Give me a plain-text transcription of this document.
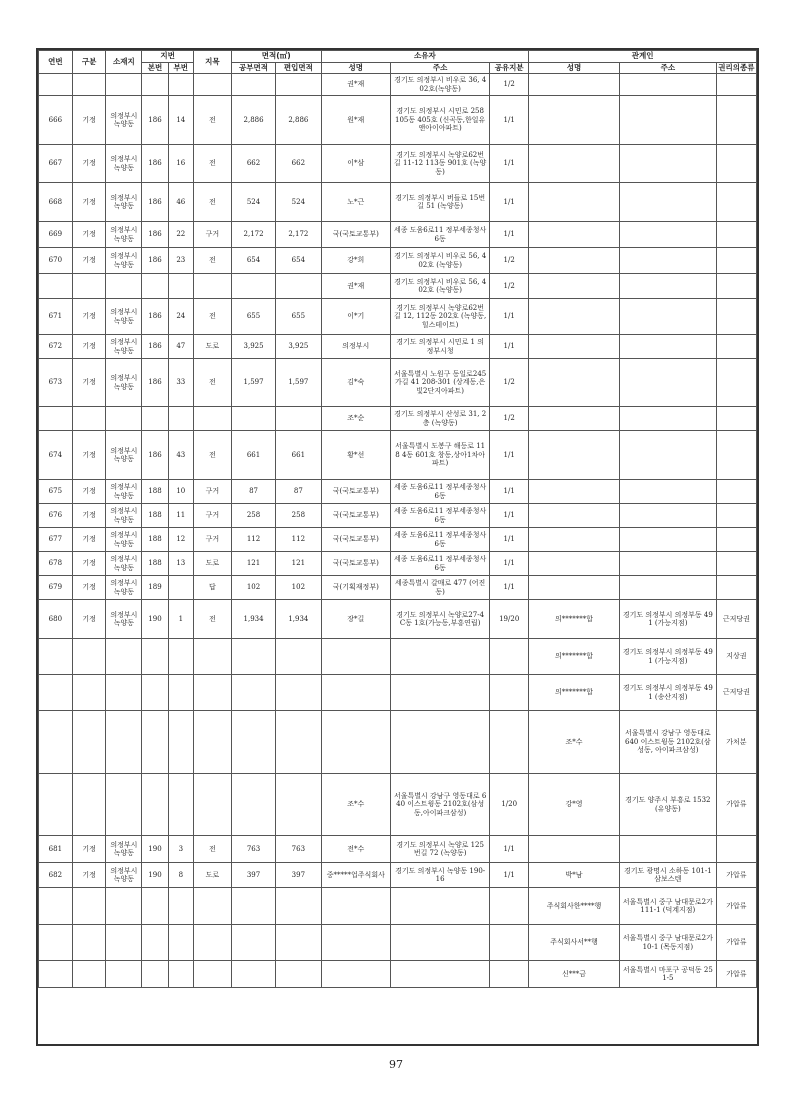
연번	구분	소재지	지번		지목	면적(㎡)		소유자			관계인		
			본번	부번		공부면적	편입면적	성명	주소	공유지분	성명	주소	권리의종류
								권*재	경기도 의정부시 비우로 36, 402호(녹양동)	1/2			
666	기정	의정부시 녹양동	186	14	전	2,886	2,886	원*재	경기도 의정부시 시민로 258 105동 405호 (신곡동,한일유앤아이아파트)	1/1			
667	기정	의정부시 녹양동	186	16	전	662	662	이*삼	경기도 의정부시 녹양로62번길 11-12 113동 901호 (녹양동)	1/1			
668	기정	의정부시 녹양동	186	46	전	524	524	노*근	경기도 의정부시 버들로 15번길 51 (녹양동)	1/1			
669	기정	의정부시 녹양동	186	22	구거	2,172	2,172	국(국토교통부)	세종 도움6로11 정부세종청사 6동	1/1			
670	기정	의정부시 녹양동	186	23	전	654	654	강*희	경기도 의정부시 비우로 56, 402호 (녹양동)	1/2			
								권*재	경기도 의정부시 비우로 56, 402호 (녹양동)	1/2			
671	기정	의정부시 녹양동	186	24	전	655	655	이*기	경기도 의정부시 녹양로62번길 12, 112동 202호 (녹양동,힐스테이트)	1/1			
672	기정	의정부시 녹양동	186	47	도로	3,925	3,925	의정부시	경기도 의정부시 시민로 1 의정부시청	1/1			
673	기정	의정부시 녹양동	186	33	전	1,597	1,597	김*숙	서울특별시 노원구 동일로245가길 41 208-301 (상계동,은빛2단지아파트)	1/2			
								조*순	경기도 의정부시 산성로 31, 2층 (녹양동)	1/2			
674	기정	의정부시 녹양동	186	43	전	661	661	황*선	서울특별시 도봉구 해등로 118 4동 601호 창동,상아1차아파트)	1/1			
675	기정	의정부시 녹양동	188	10	구거	87	87	국(국토교통부)	세종 도움6로11 정부세종청사 6동	1/1			
676	기정	의정부시 녹양동	188	11	구거	258	258	국(국토교통부)	세종 도움6로11 정부세종청사 6동	1/1			
677	기정	의정부시 녹양동	188	12	구거	112	112	국(국토교통부)	세종 도움6로11 정부세종청사 6동	1/1			
678	기정	의정부시 녹양동	188	13	도로	121	121	국(국토교통부)	세종 도움6로11 정부세종청사 6동	1/1			
679	기정	의정부시 녹양동	189		답	102	102	국(기획재정부)	세종특별시 갈매로 477 (어진동)	1/1			
680	기정	의정부시 녹양동	190	1	전	1,934	1,934	장*길	경기도 의정부시 녹양로27-4 C동 1호(가능동,부흥연립)	19/20	의*******합	경기도 의정부시 의정부동 491 (가능지점)	근저당권
											의*******합	경기도 의정부시 의정부동 491 (가능지점)	지상권
											의*******합	경기도 의정부시 의정부동 491 (송산지점)	근저당권
											조*수	서울특별시 강남구 영동대로 640 이스트윙동 2102호(삼성동, 아이파크삼성)	가처분
								조*수	서울특별시 강남구 영동대로 640 이스트윙동 2102호(삼성동,아이파크삼성)	1/20	강*영	경기도 양주시 부흥로 1532 (유양동)	가압류
681	기정	의정부시 녹양동	190	3	전	763	763	전*수	경기도 의정부시 녹양로 125번길 72 (녹양동)	1/1			
682	기정	의정부시 녹양동	190	8	도로	397	397	중*****업주식회사	경기도 의정부시 녹양동 190-16	1/1	박*남	경기도 광명시 소하동 101-1 삼보스텐	가압류
											주식회사한****행	서울특별시 중구 남대문로2가 111-1 (덕계지점)	가압류
											주식회사서**행	서울특별시 중구 남대문로2가 10-1 (목동지점)	가압류
											신***금	서울특별시 마포구 공덕동 251-5	가압류
97
